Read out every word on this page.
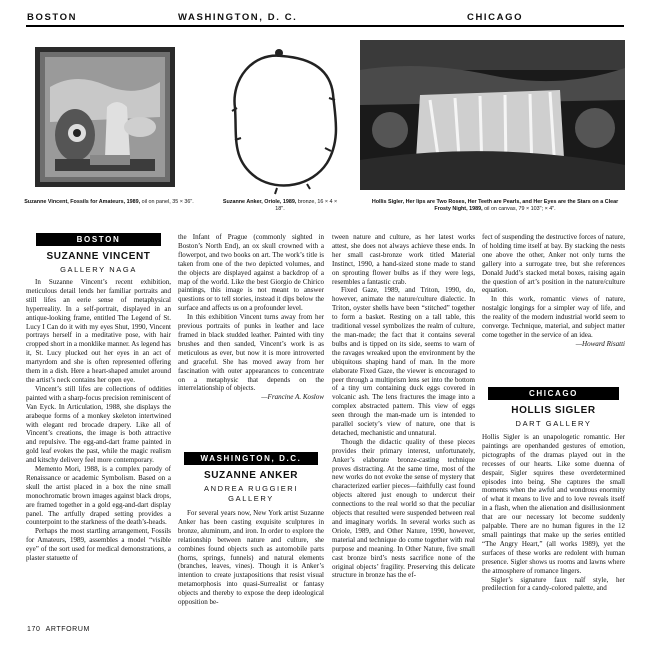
BOSTON	WASHINGTON, D. C.	CHICAGO
Suzanne Vincent, Fossils for Amateurs, 1989, oil on panel, 35 × 36".	Suzanne Anker, Oriole, 1989, bronze, 16 × 4 × 18".
Hollis Sigler, Her lips are Two Roses, Her Teeth are Pearls, and Her Eyes are the Stars on a Clear Frosty Night, 1989, oil on canvas, 79 × 103"; × 4".
BOSTON
SUZANNE VINCENT
GALLERY NAGA

In Suzanne Vincent’s recent exhibition, meticulous detail lends her familiar portraits and still lifes an eerie sense of metaphysical hyperreality. In a self-portrait, displayed in an antique-looking frame, entitled The Legend of St. Lucy I Can do it with my eyes Shut, 1990, Vincent portrays herself in a meditative pose, with hair cropped short in a monklike manner. As legend has it, St. Lucy plucked out her eyes in an act of martyrdom and she is often represented offering them in a dish. Here a heart-shaped amulet around the artist’s neck contains her open eye.

Vincent’s still lifes are collections of oddities painted with a sharp-focus precision reminiscent of Van Eyck. In Articulation, 1988, she displays the arabeque forms of a monkey skeleton intertwined with elegant red brocade drapery. Like all of Vincent’s creations, the image is both attractive and repulsive. The egg-and-dart frame painted in gold leaf evokes the past, while the magic realism and kitschy delivery feel more contemporary.

Memento Mori, 1988, is a complex parody of Renaissance or academic Symbolism. Based on a skull the artist placed in a box the nine small monochromatic brown images against black drops, are framed together in a gold egg-and-dart display panel. The artfully draped setting provides a counterpoint to the starkness of the death’s-heads.

Perhaps the most startling arrangement, Fossils for Amateurs, 1989, assembles a model “visible eye” of the sort used for medical demonstrations, a plaster statuette of

the Infant of Prague (commonly sighted in Boston’s North End), an ox skull crowned with a flowerpot, and two books on art. The work’s title is taken from one of the two depicted volumes, and the objects are displayed against a backdrop of a map of the world. Like the best Giorgio de Chirico paintings, this image is not meant to answer questions or to tell stories, instead it dips below the surface and affects us on a profounder level.

In this exhibition Vincent turns away from her previous portraits of punks in leather and lace framed in black studded leather. Painted with tiny brushes and then sanded, Vincent’s work is as meticulous as ever, but now it is more introverted and graceful. She has moved away from her fascination with outer appearances to concentrate on a metaphysic that depends on the interrelationship of objects.

—Francine A. Koslow

WASHINGTON, D.C.
SUZANNE ANKER
ANDREA RUGGIERI
GALLERY

For several years now, New York artist Suzanne Anker has been casting exquisite sculptures in bronze, aluminum, and iron. In order to explore the relationship between nature and culture, she combines found objects such as automobile parts (horns, springs, funnels) and natural elements (branches, leaves, vines). Though it is Anker’s intention to create juxtapositions that resist visual metamorphosis into quasi-Surrealist or fantasy objects and thereby to expose the deep ideological opposition be-

tween nature and culture, as her latest works attest, she does not always achieve these ends. In her small cast-bronze work titled Material Instinct, 1990, a hand-sized stone made to stand on sprouting flower bulbs as if they were legs, resembles a fantastic crab.

Fixed Gaze, 1989, and Triton, 1990, do, however, animate the nature/culture dialectic. In Triton, oyster shells have been “stitched” together to form a basket. Resting on a tall table, this traditional vessel symbolizes the realm of culture, the man-made; the fact that it contains several bulbs and is tipped on its side, seems to warn of the ravages wreaked upon the environment by the ubiquitous shaping hand of man. In the more elaborate Fixed Gaze, the viewer is encouraged to peer through a multiprism lens set into the bottom of a tiny urn containing duck eggs covered in volcanic ash. The lens fractures the image into a complex abstracted pattern. This view of eggs seen through the man-made urn is intended to parallel society’s view of nature, one that is detached, mechanistic and unnatural.

Though the didactic quality of these pieces provides their primary interest, unfortunately, Anker’s elaborate bronze-casting technique proves distracting. At the same time, most of the new works do not evoke the sense of mystery that characterized earlier pieces—faithfully cast found objects altered just enough to undercut their connections to the real world so that the peculiar objects that resulted were suspended between real and imaginary worlds. In several works such as Oriole, 1989, and Other Nature, 1990, however, material and technique do come together with real purpose and meaning. In Other Nature, five small cast bronze bird’s nests sacrifice none of the original objects’ fragility. Preserving this delicate structure in bronze has the ef-

fect of suspending the destructive forces of nature, of holding time itself at bay. By stacking the nests one above the other, Anker not only turns the gallery into a surrogate tree, but she references Donald Judd’s stacked metal boxes, raising again the question of art’s position in the nature/culture equation.

In this work, romantic views of nature, nostalgic longings for a simpler way of life, and the reality of the modern industrial world seem to converge. Technique, material, and subject matter come together in the service of an idea.

—Howard Risatti

CHICAGO
HOLLIS SIGLER
DART GALLERY

Hollis Sigler is an unapologetic romantic. Her paintings are openhanded gestures of emotion, pictographs of the dramas played out in the recesses of our hearts. Like some duenna of despair, Sigler squires these overdetermined episodes into being. She captures the small moments when the awful and wondrous enormity of what it means to live and to love reveals itself in a flash, when the alienation and disillusionment that are our necessary lot become suddenly palpable. There are no human figures in the 12 small paintings that make up the series entitled “The Angry Heart,” (all works 1989), yet the surfaces of these works are redolent with human presence. Sigler shows us rooms and lawns where the atmosphere of romance lingers.

Sigler’s signature faux naïf style, her predilection for a candy-colored palette, and

170 ARTFORUM
